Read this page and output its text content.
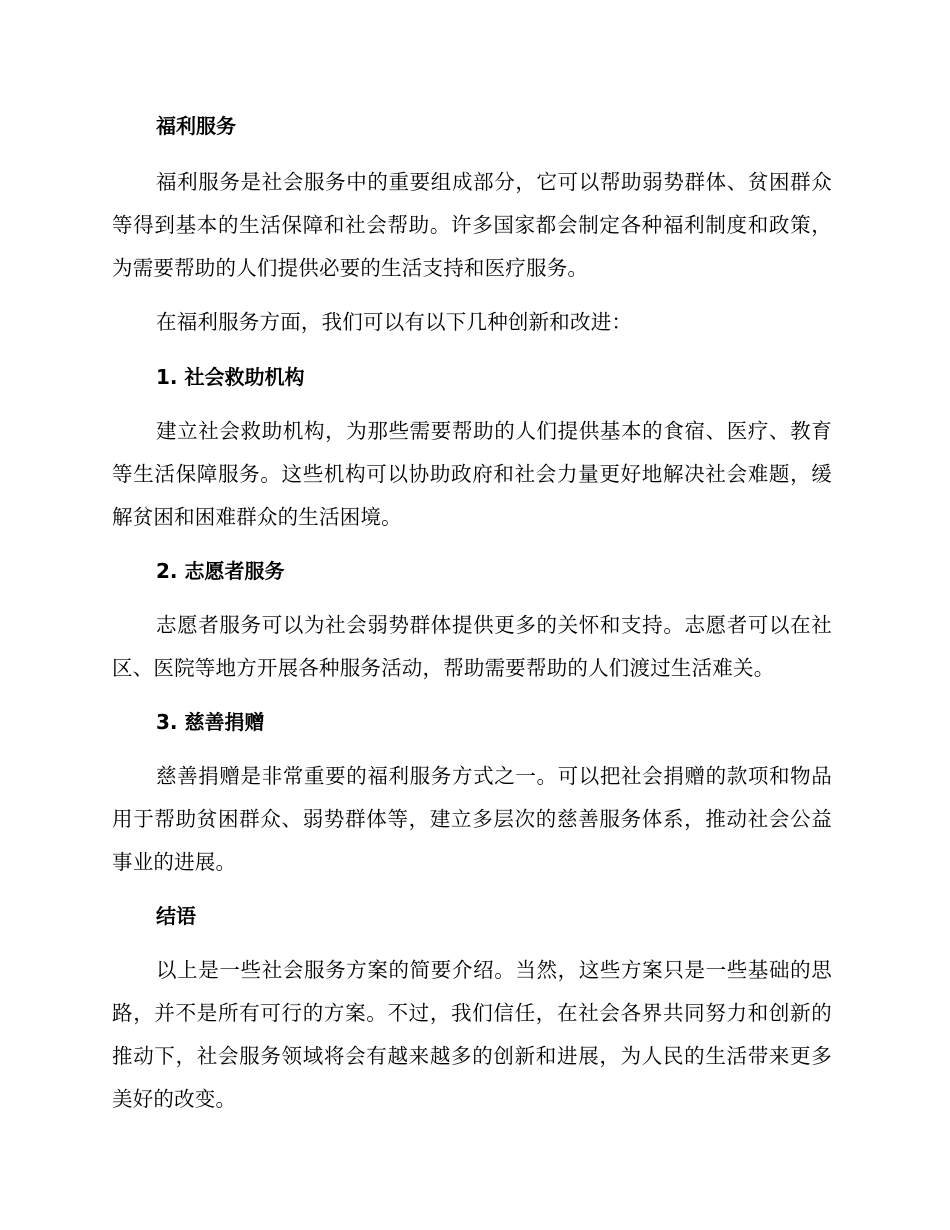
福利服务

福利服务是社会服务中的重要组成部分，它可以帮助弱势群体、贫困群众等得到基本的生活保障和社会帮助。许多国家都会制定各种福利制度和政策，为需要帮助的人们提供必要的生活支持和医疗服务。

在福利服务方面，我们可以有以下几种创新和改进：

1. 社会救助机构

建立社会救助机构，为那些需要帮助的人们提供基本的食宿、医疗、教育等生活保障服务。这些机构可以协助政府和社会力量更好地解决社会难题，缓解贫困和困难群众的生活困境。

2. 志愿者服务

志愿者服务可以为社会弱势群体提供更多的关怀和支持。志愿者可以在社区、医院等地方开展各种服务活动，帮助需要帮助的人们渡过生活难关。

3. 慈善捐赠

慈善捐赠是非常重要的福利服务方式之一。可以把社会捐赠的款项和物品用于帮助贫困群众、弱势群体等，建立多层次的慈善服务体系，推动社会公益事业的进展。

结语

以上是一些社会服务方案的简要介绍。当然，这些方案只是一些基础的思路，并不是所有可行的方案。不过，我们信任，在社会各界共同努力和创新的推动下，社会服务领域将会有越来越多的创新和进展，为人民的生活带来更多美好的改变。
